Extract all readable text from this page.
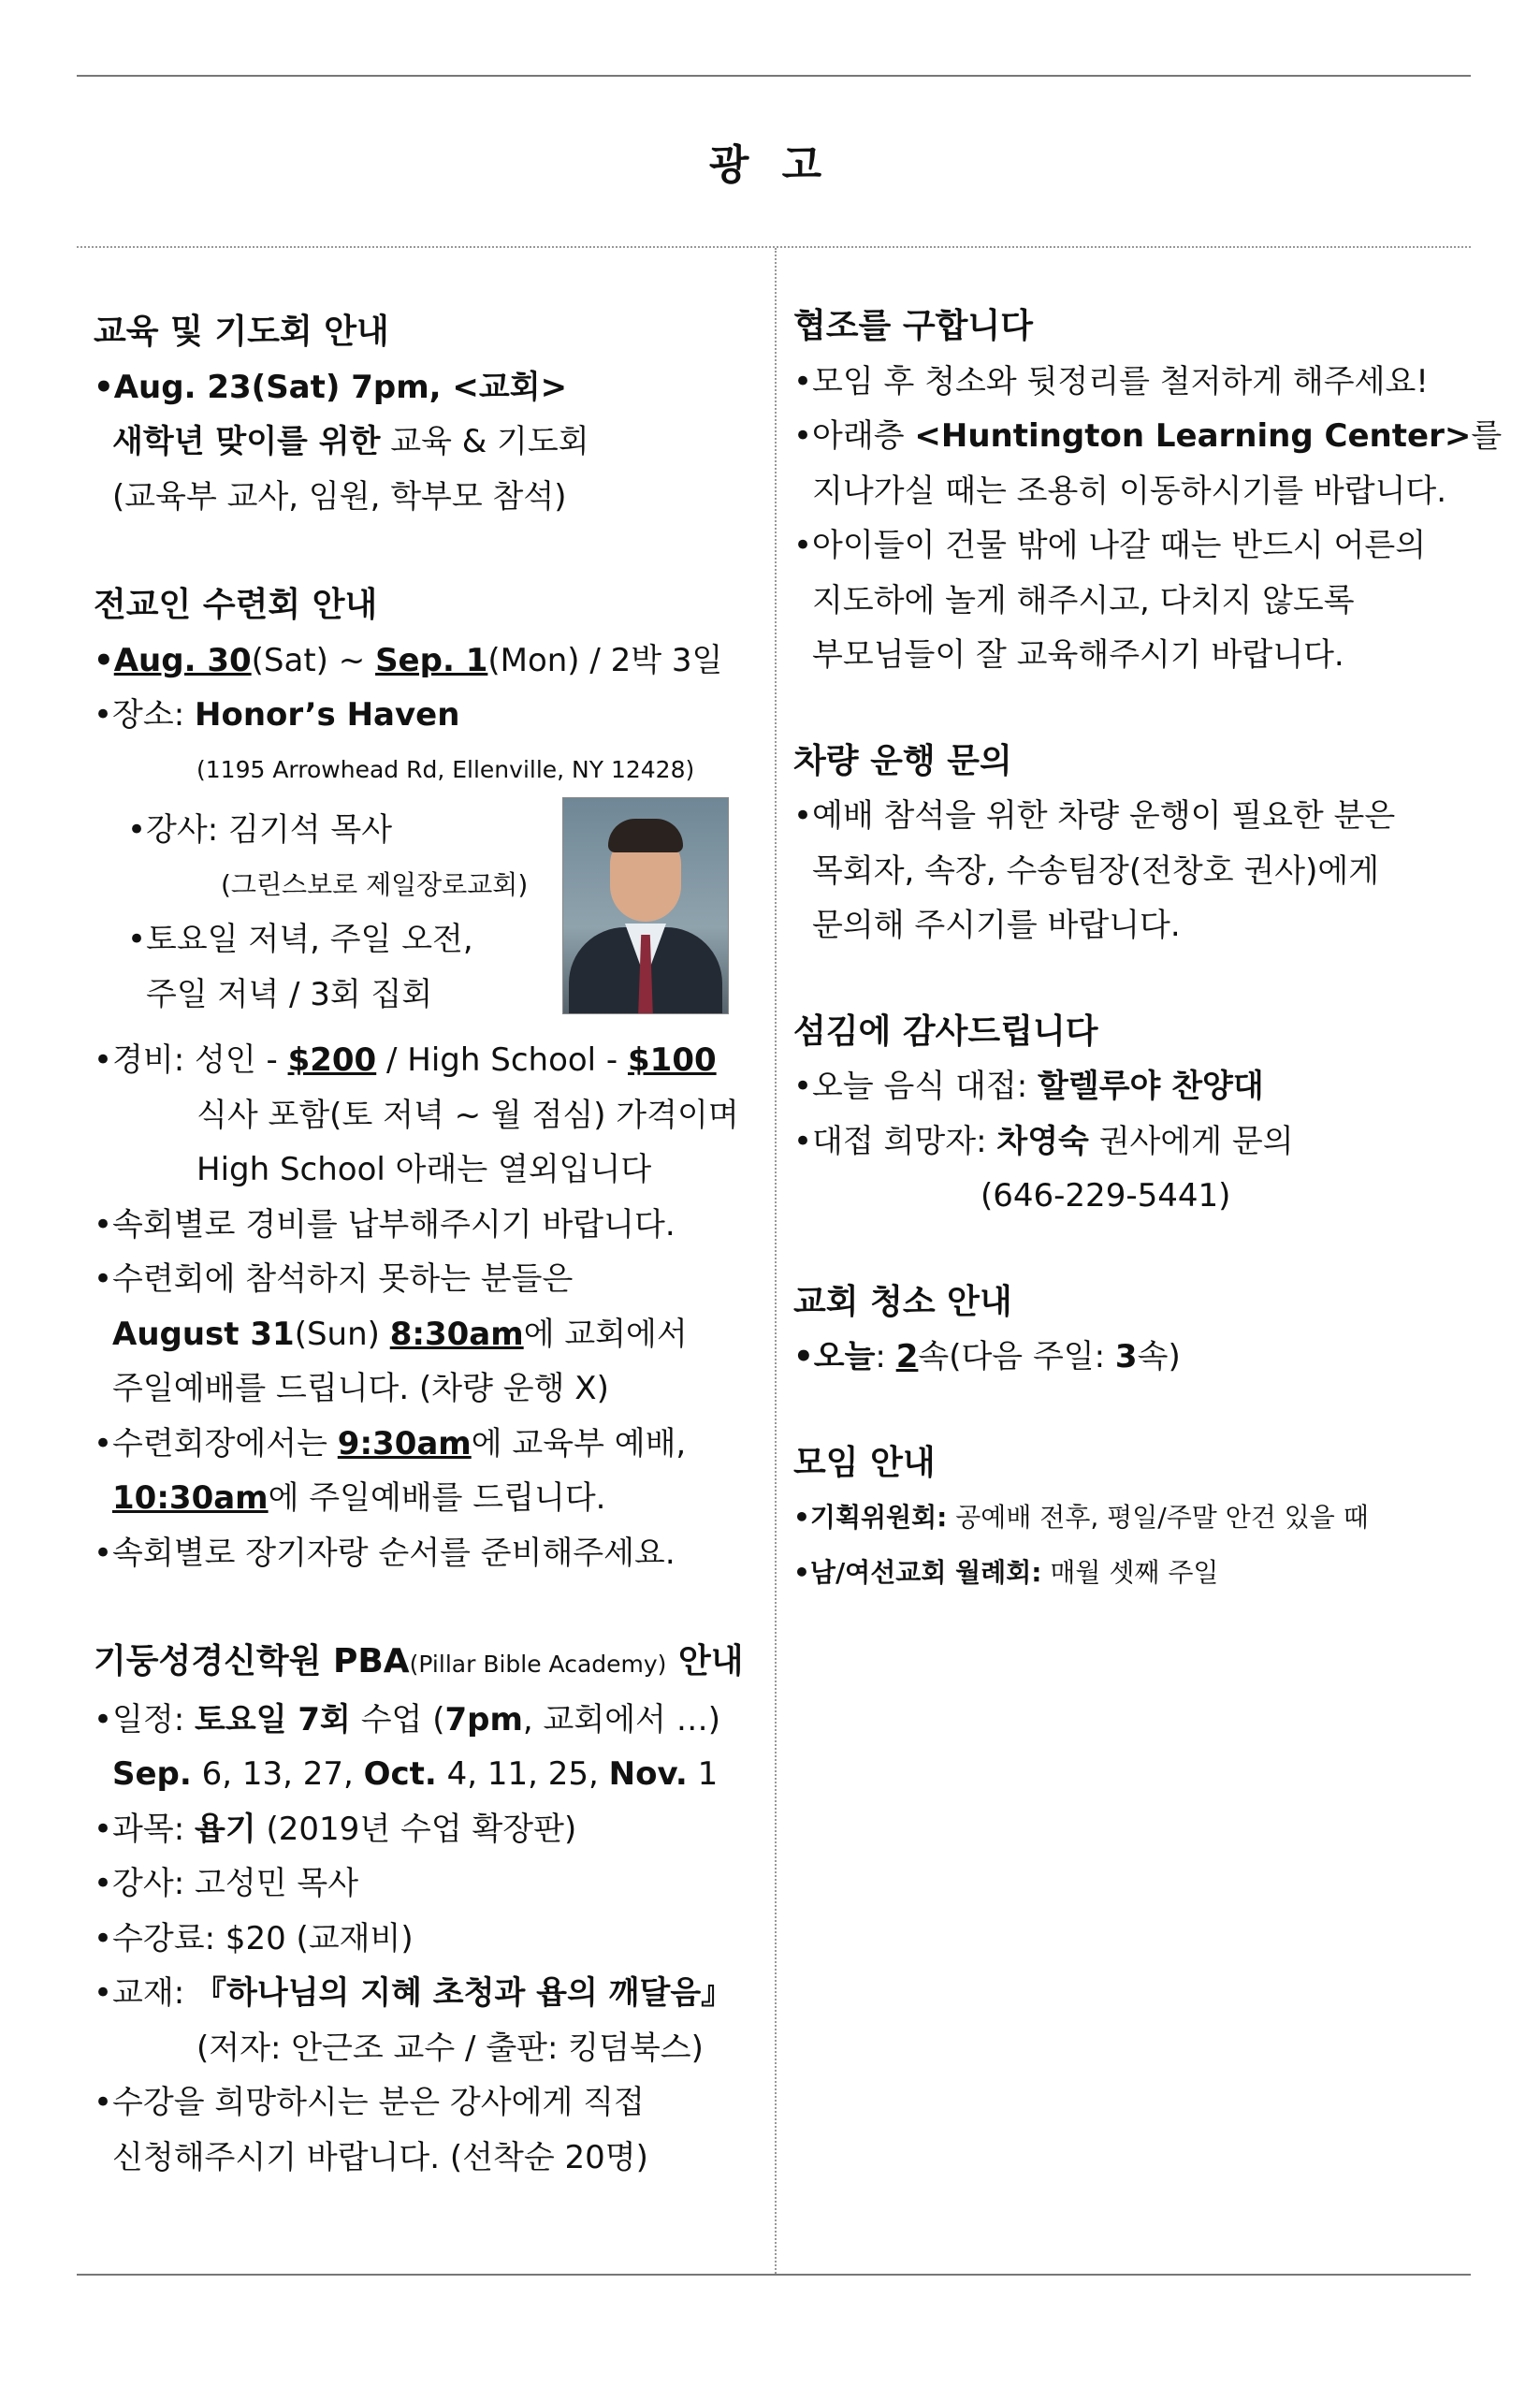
광 고

교육 및 기도회 안내

•Aug. 23(Sat) 7pm, <교회>

새학년 맞이를 위한 교육 & 기도회

(교육부 교사, 임원, 학부모 참석)

전교인 수련회 안내

•Aug. 30(Sat) ~ Sep. 1(Mon) / 2박 3일

•장소: Honor’s Haven

(1195 Arrowhead Rd, Ellenville, NY 12428)

•강사: 김기석 목사

(그린스보로 제일장로교회)

•토요일 저녁, 주일 오전,

주일 저녁 / 3회 집회

•경비: 성인 - $200 / High School - $100

식사 포함(토 저녁 ~ 월 점심) 가격이며

High School 아래는 열외입니다

•속회별로 경비를 납부해주시기 바랍니다.

•수련회에 참석하지 못하는 분들은

August 31(Sun) 8:30am에 교회에서

주일예배를 드립니다. (차량 운행 X)

•수련회장에서는 9:30am에 교육부 예배,

10:30am에 주일예배를 드립니다.

•속회별로 장기자랑 순서를 준비해주세요.

기둥성경신학원 PBA(Pillar Bible Academy) 안내

•일정: 토요일 7회 수업 (7pm, 교회에서 …)

Sep. 6, 13, 27, Oct. 4, 11, 25, Nov. 1

•과목: 욥기 (2019년 수업 확장판)

•강사: 고성민 목사

•수강료: $20 (교재비)

•교재: 『하나님의 지혜 초청과 욥의 깨달음』

(저자: 안근조 교수 / 출판: 킹덤북스)

•수강을 희망하시는 분은 강사에게 직접

신청해주시기 바랍니다. (선착순 20명)

협조를 구합니다

•모임 후 청소와 뒷정리를 철저하게 해주세요!

•아래층 <Huntington Learning Center>를

지나가실 때는 조용히 이동하시기를 바랍니다.

•아이들이 건물 밖에 나갈 때는 반드시 어른의

지도하에 놀게 해주시고, 다치지 않도록

부모님들이 잘 교육해주시기 바랍니다.

차량 운행 문의

•예배 참석을 위한 차량 운행이 필요한 분은

목회자, 속장, 수송팀장(전창호 권사)에게

문의해 주시기를 바랍니다.

섬김에 감사드립니다

•오늘 음식 대접: 할렐루야 찬양대

•대접 희망자: 차영숙 권사에게 문의

(646-229-5441)

교회 청소 안내

•오늘: 2속(다음 주일: 3속)

모임 안내

•기획위원회: 공예배 전후, 평일/주말 안건 있을 때

•남/여선교회 월례회: 매월 셋째 주일
